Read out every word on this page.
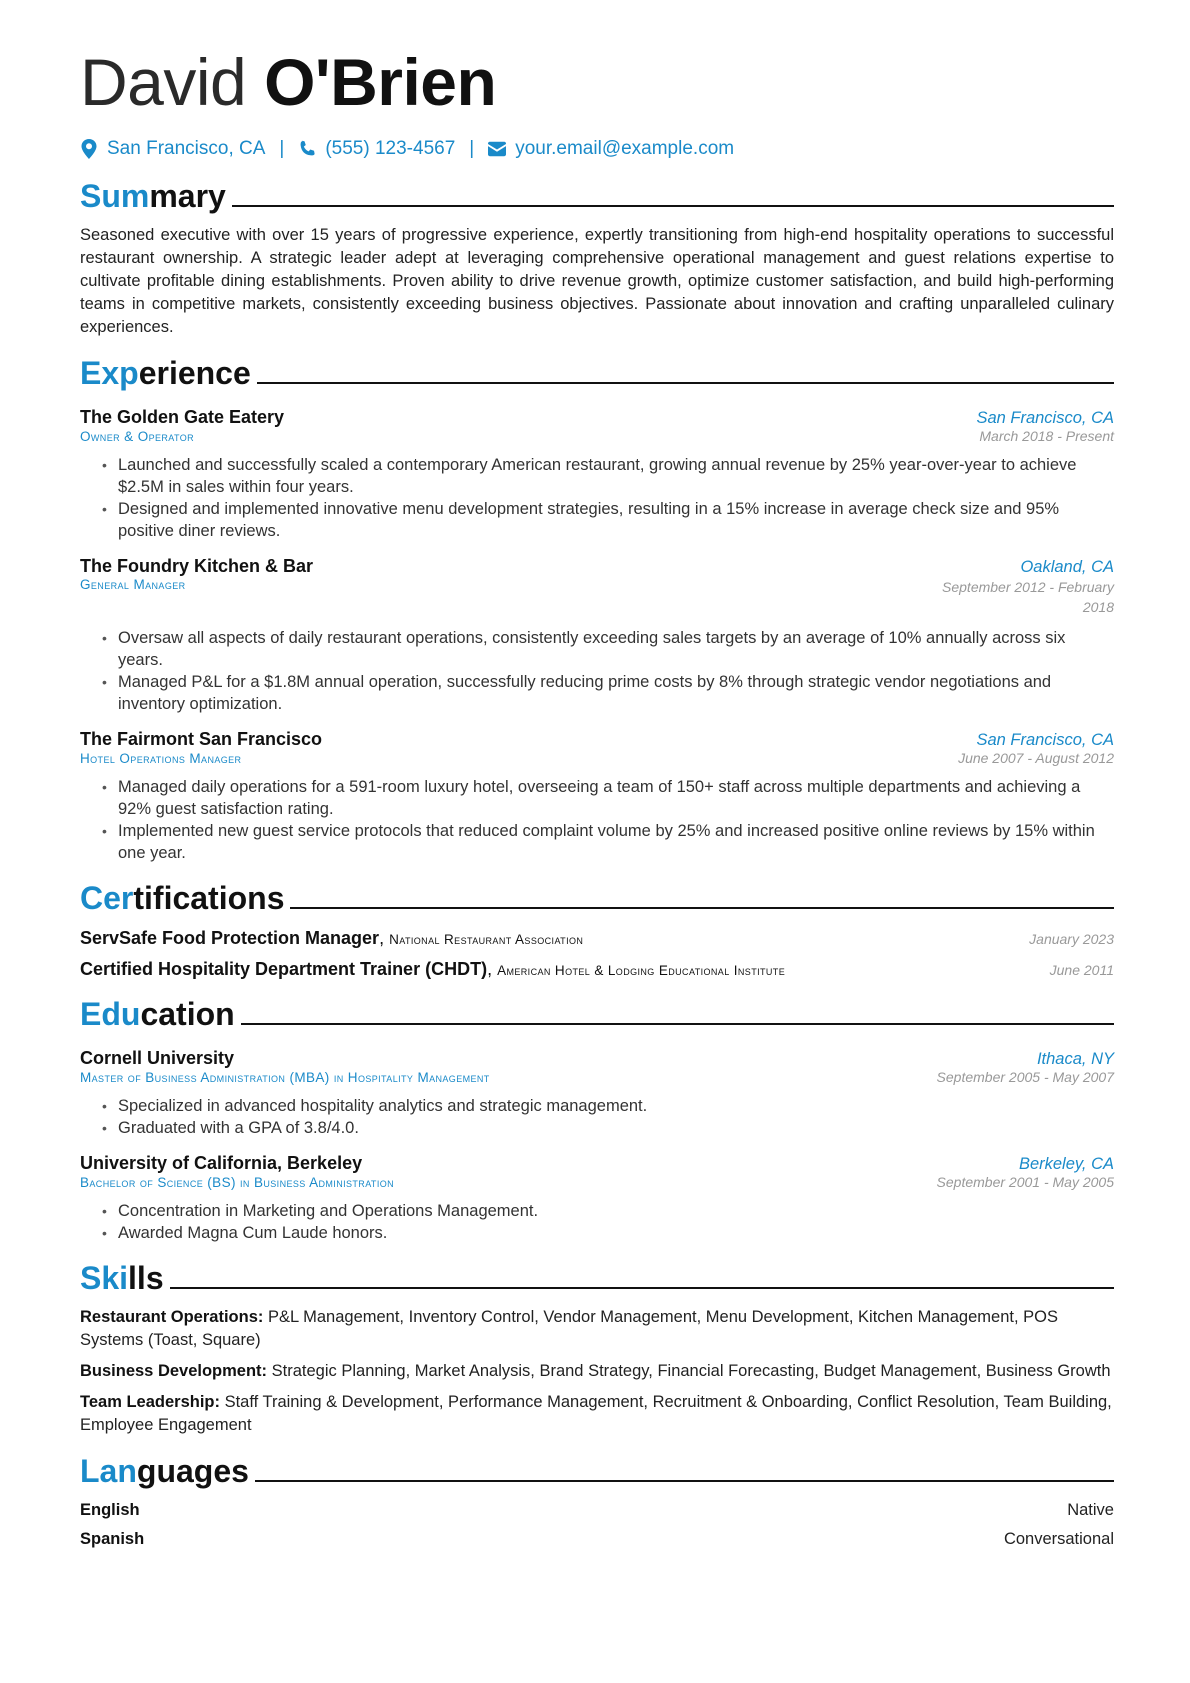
David O'Brien
San Francisco, CA | (555) 123-4567 | your.email@example.com
Summary

Seasoned executive with over 15 years of progressive experience, expertly transitioning from high-end hospitality operations to successful restaurant ownership. A strategic leader adept at leveraging comprehensive operational management and guest relations expertise to cultivate profitable dining establishments. Proven ability to drive revenue growth, optimize customer satisfaction, and build high-performing teams in competitive markets, consistently exceeding business objectives. Passionate about innovation and crafting unparalleled culinary experiences.

Experience
The Golden Gate Eatery	San Francisco, CA
Owner & Operator	March 2018 - Present
• Launched and successfully scaled a contemporary American restaurant, growing annual revenue by 25% year-over-year to achieve $2.5M in sales within four years.
• Designed and implemented innovative menu development strategies, resulting in a 15% increase in average check size and 95% positive diner reviews.
The Foundry Kitchen & Bar	Oakland, CA
General Manager	September 2012 - February 2018
• Oversaw all aspects of daily restaurant operations, consistently exceeding sales targets by an average of 10% annually across six years.
• Managed P&L for a $1.8M annual operation, successfully reducing prime costs by 8% through strategic vendor negotiations and inventory optimization.
The Fairmont San Francisco	San Francisco, CA
Hotel Operations Manager	June 2007 - August 2012
• Managed daily operations for a 591-room luxury hotel, overseeing a team of 150+ staff across multiple departments and achieving a 92% guest satisfaction rating.
• Implemented new guest service protocols that reduced complaint volume by 25% and increased positive online reviews by 15% within one year.
Certifications
ServSafe Food Protection Manager, National Restaurant Association	January 2023
Certified Hospitality Department Trainer (CHDT), American Hotel & Lodging Educational Institute	June 2011
Education
Cornell University	Ithaca, NY
Master of Business Administration (MBA) in Hospitality Management	September 2005 - May 2007
• Specialized in advanced hospitality analytics and strategic management.
• Graduated with a GPA of 3.8/4.0.
University of California, Berkeley	Berkeley, CA
Bachelor of Science (BS) in Business Administration	September 2001 - May 2005
• Concentration in Marketing and Operations Management.
• Awarded Magna Cum Laude honors.
Skills

Restaurant Operations: P&L Management, Inventory Control, Vendor Management, Menu Development, Kitchen Management, POS Systems (Toast, Square)

Business Development: Strategic Planning, Market Analysis, Brand Strategy, Financial Forecasting, Budget Management, Business Growth

Team Leadership: Staff Training & Development, Performance Management, Recruitment & Onboarding, Conflict Resolution, Team Building, Employee Engagement

Languages
English	Native
Spanish	Conversational
